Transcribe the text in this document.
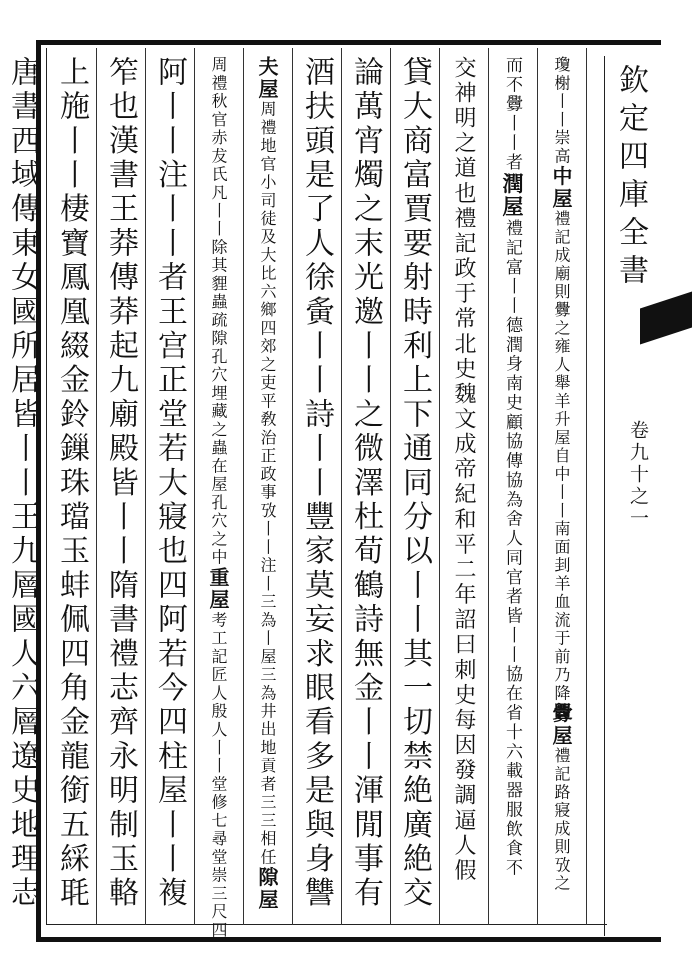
欽定四庫全書
卷九十之一
瓊榭丨丨崇高中屋禮記成廟則釁之雍人舉羊升屋自中丨丨南面刲羊血流于前乃降釁屋禮記路寢成則攷之
而不釁丨丨者潤屋禮記富丨丨德潤身南史顧協傳協為舍人同官者皆丨丨協在省十六載器服飲食不
交神明之道也禮記政于常北史魏文成帝紀和平二年詔曰刺史每因發調逼人假
貸大商富賈要射時利上下通同分以丨丨其一切禁絶廣絶交
論萬宵燭之末光邀丨丨之微澤杜荀鶴詩無金丨丨渾閒事有
酒扶頭是了人徐夤丨丨詩丨丨豐家莫妄求眼看多是與身讐
夫屋周禮地官小司徒及大比六鄉四郊之吏平敎治正政事攷丨丨注丨三為丨屋三為井出地貢者三三相任隙屋
周禮秋官赤犮氏凡丨丨除其貍蟲疏隙孔穴埋藏之蟲在屋孔穴之中重屋考工記匠人殷人丨丨堂修七尋堂崇三尺四
阿丨丨注丨丨者王宫正堂若大寢也四阿若今四柱屋丨丨複
笮也漢書王莽傳莽起九廟殿皆丨丨隋書禮志齊永明制玉輅
上施丨丨棲寶鳳凰綴金鈴鏁珠璫玉蚌佩四角金龍銜五綵毦
唐書西域傳東女國所居皆丨丨王九層國人六層遼史地理志
